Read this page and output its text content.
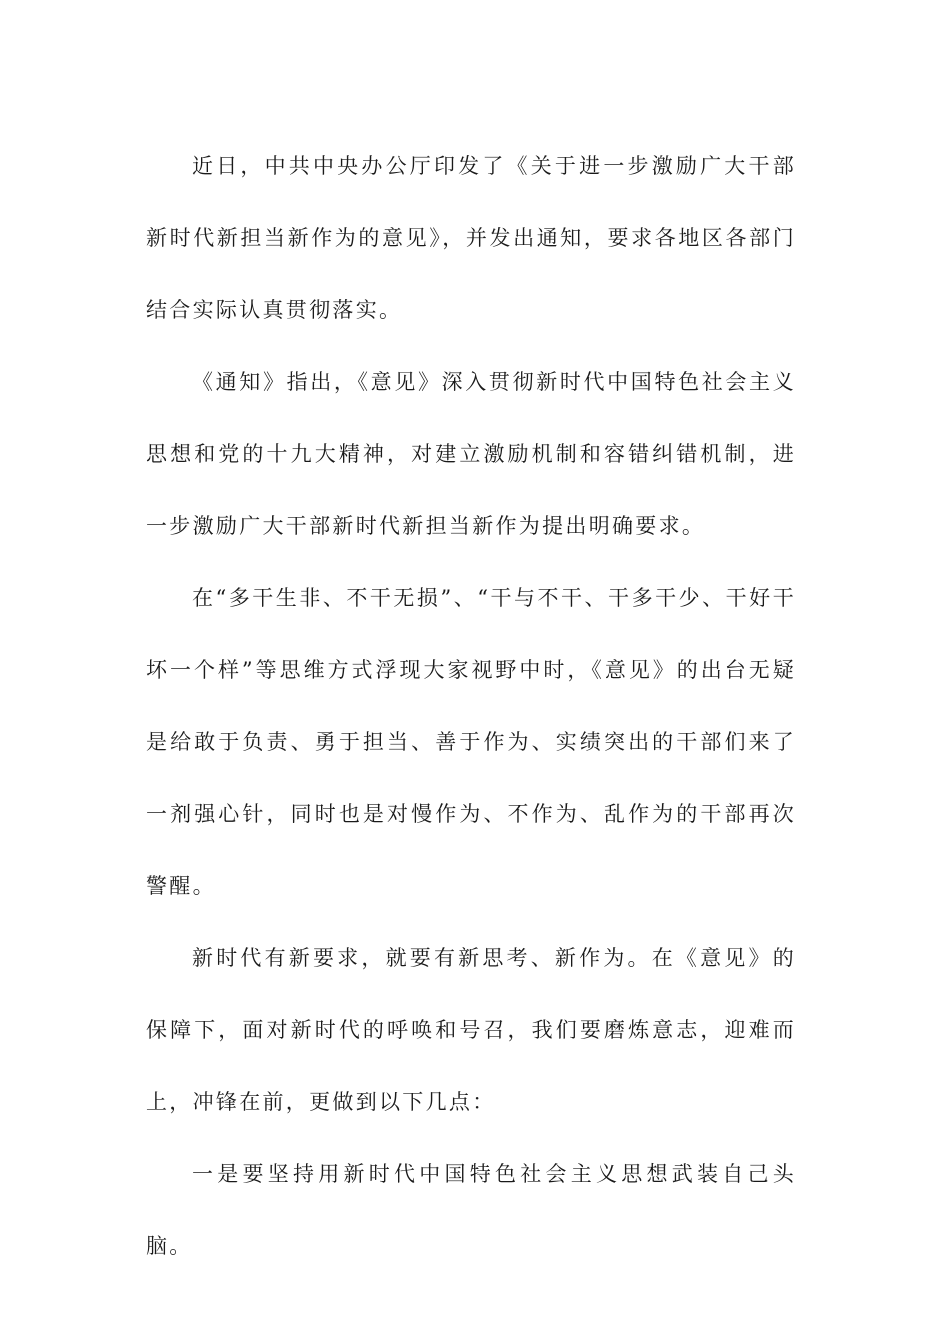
近日，中共中央办公厅印发了《关于进一步激励广大干部新时代新担当新作为的意见》，并发出通知，要求各地区各部门结合实际认真贯彻落实。

《通知》指出，《意见》深入贯彻新时代中国特色社会主义思想和党的十九大精神，对建立激励机制和容错纠错机制，进一步激励广大干部新时代新担当新作为提出明确要求。

在“多干生非、不干无损”、“干与不干、干多干少、干好干坏一个样”等思维方式浮现大家视野中时，《意见》的出台无疑是给敢于负责、勇于担当、善于作为、实绩突出的干部们来了一剂强心针，同时也是对慢作为、不作为、乱作为的干部再次警醒。

新时代有新要求，就要有新思考、新作为。在《意见》的保障下，面对新时代的呼唤和号召，我们要磨炼意志，迎难而上，冲锋在前，更做到以下几点：

一是要坚持用新时代中国特色社会主义思想武装自己头脑。
